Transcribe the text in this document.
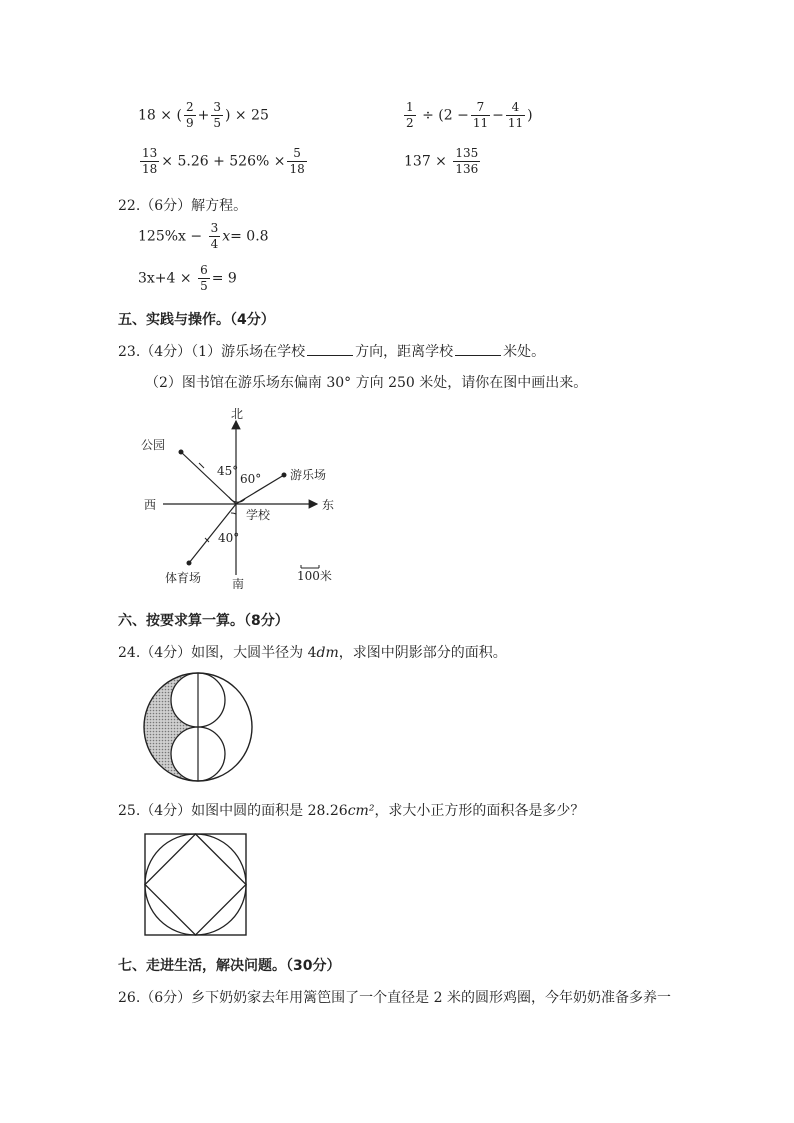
18 × ( $\frac{2}{9} + \frac{3}{5}$ ) × 25	$\frac{1}{2} \div (2 - \frac{7}{11} - \frac{4}{11}$ )
$\frac{13}{18} \times 5.26 + 526\% \times \frac{5}{18}$	$137 \times \frac{135}{136}$
22.（6分）解方程。
$125\%x - \frac{3}{4} x= 0.8$
$3x+4 \times \frac{6}{5} = 9$
五、实践与操作。（4分）
23.（4分）（1）游乐场在学校	方向，距离学校	米处。
（2）图书馆在游乐场东偏南 30° 方向 250 米处，请你在图中画出来。
北
南
西	东
公园
游乐场
学校
体育场
45°
60°
40°
100米
六、按要求算一算。（8分）
24.（4分）如图，大圆半径为 4dm，求图中阴影部分的面积。
25.（4分）如图中圆的面积是 28.26cm²，求大小正方形的面积各是多少？
七、走进生活，解决问题。（30分）
26.（6分）乡下奶奶家去年用篱笆围了一个直径是 2 米的圆形鸡圈，今年奶奶准备多养一
